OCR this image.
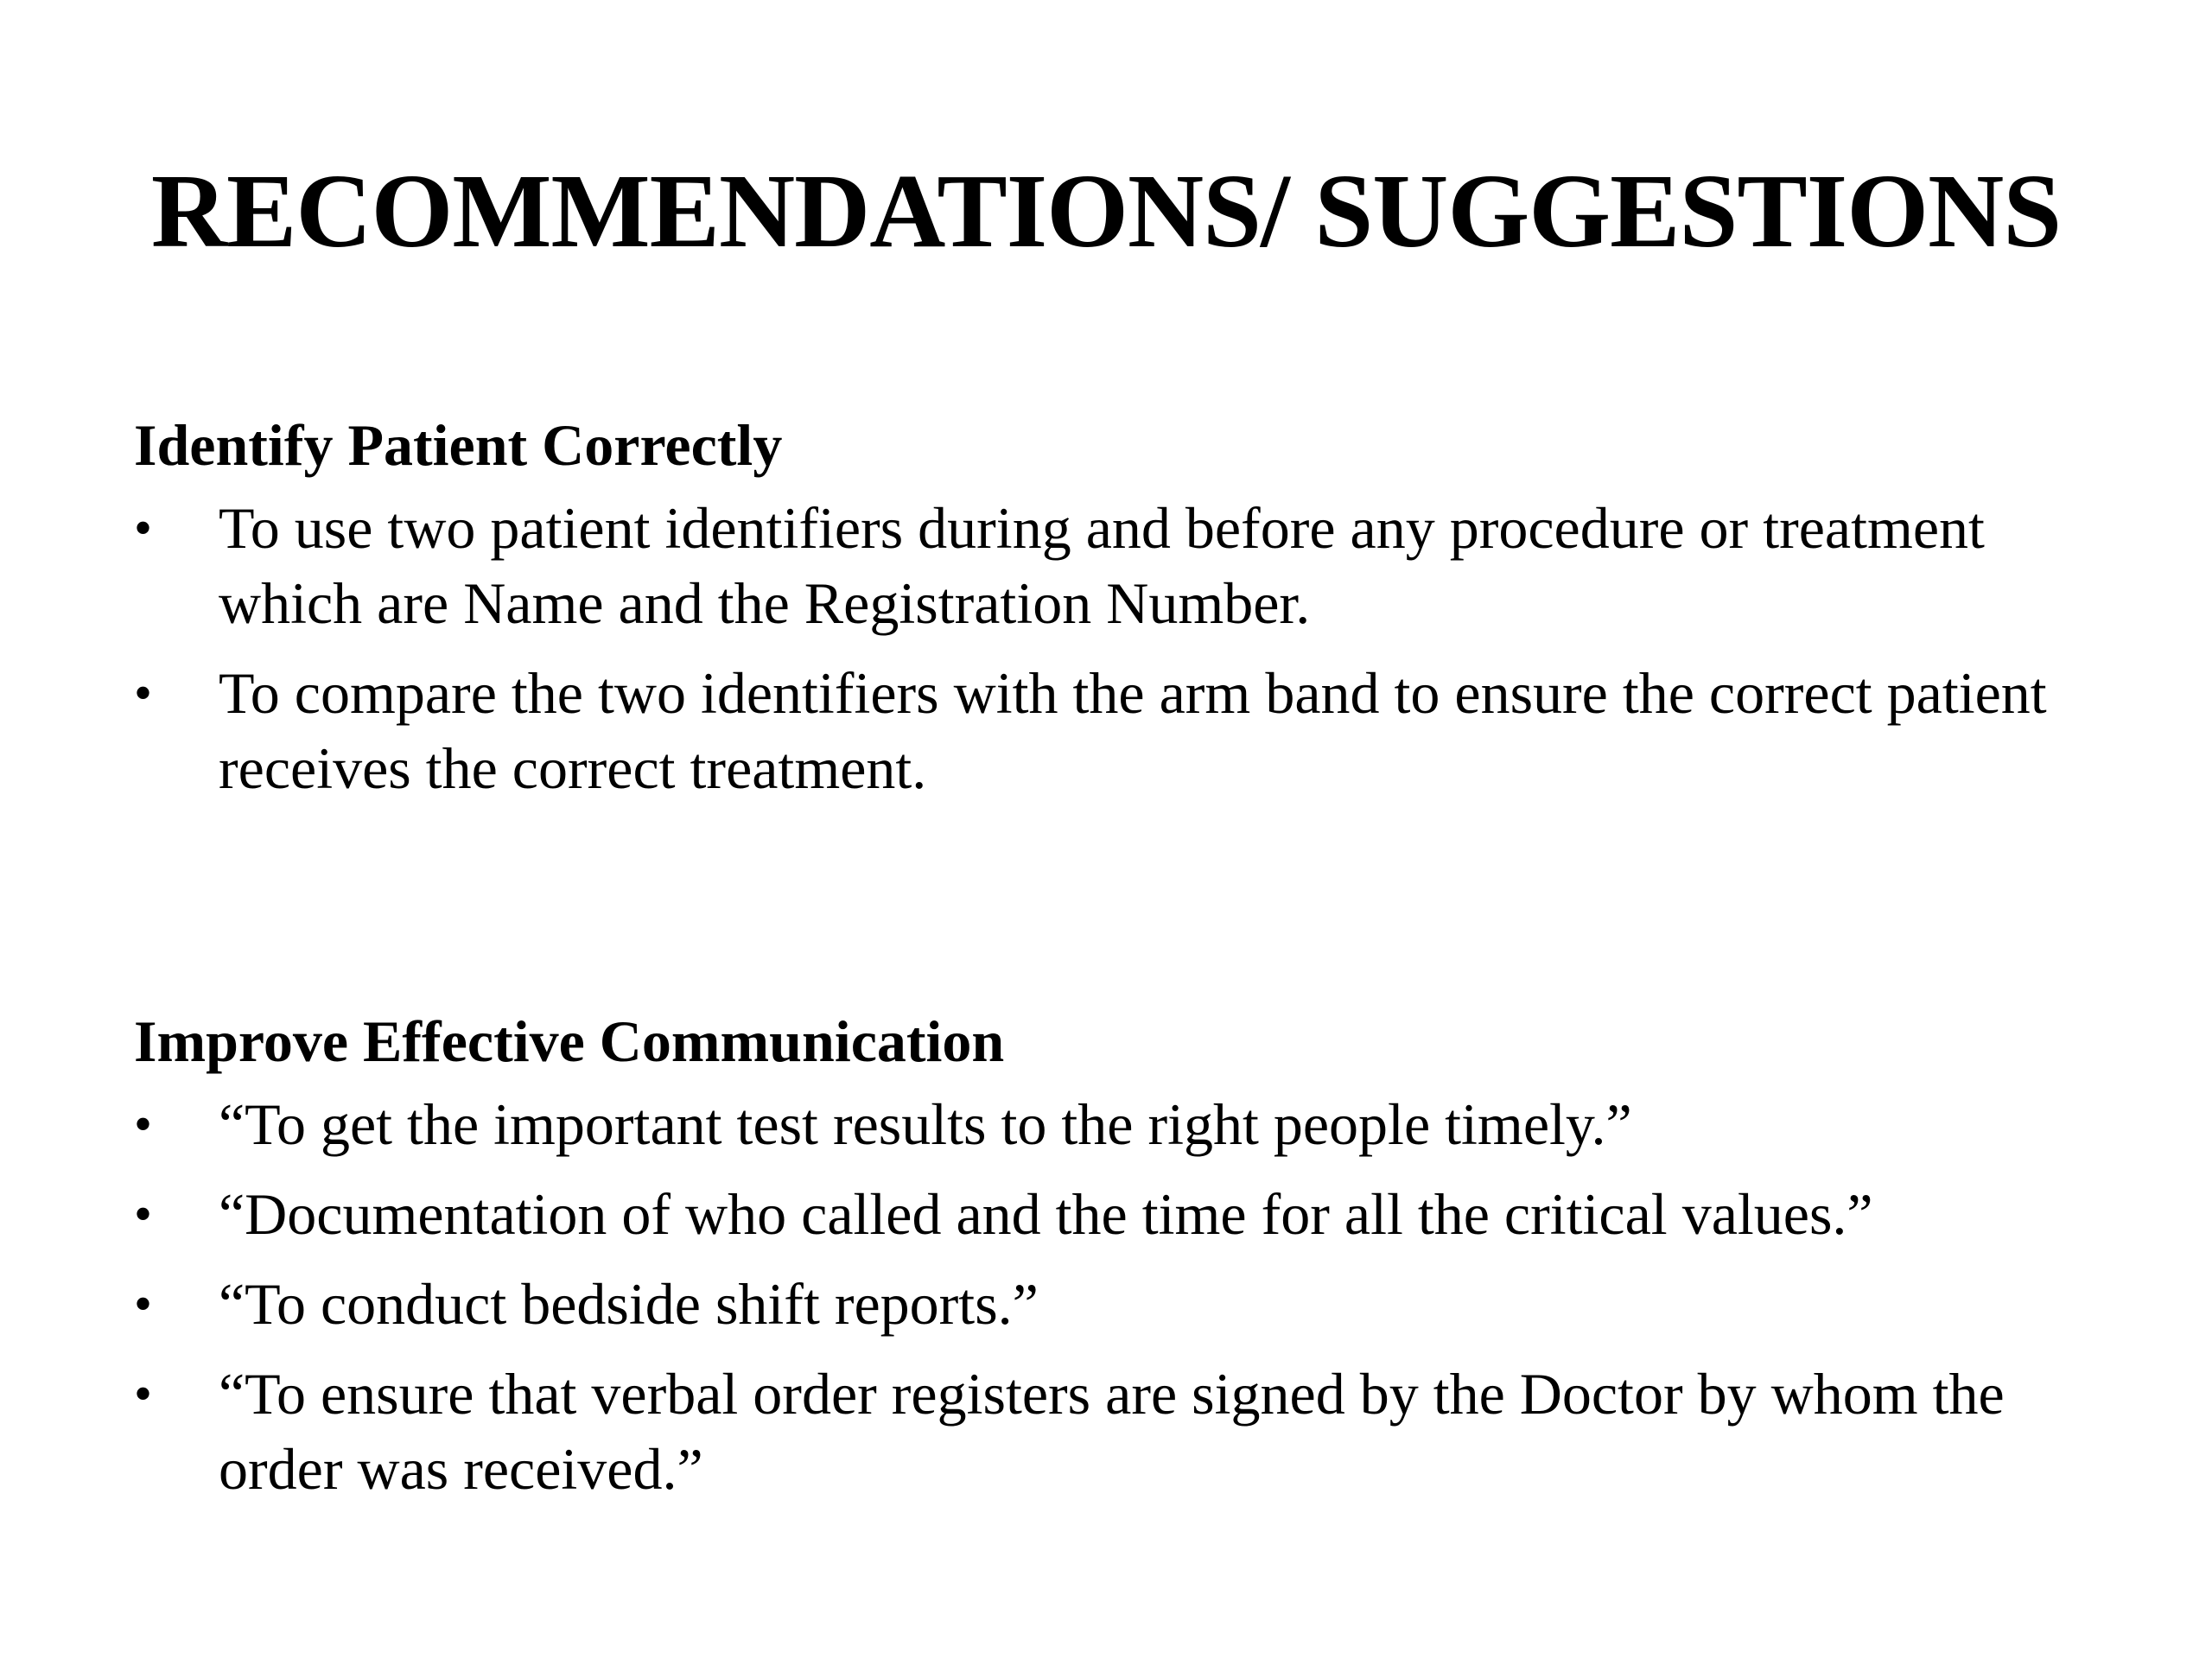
RECOMMENDATIONS/ SUGGESTIONS
Identify Patient Correctly
• To use two patient identifiers during and before any procedure or treatment which are Name and the Registration Number.
• To compare the two identifiers with the arm band to ensure the correct patient receives the correct treatment.
Improve Effective Communication
• “To get the important test results to the right people timely.”
• “Documentation of who called and the time for all the critical values.”
• “To conduct bedside shift reports.”
• “To ensure that verbal order registers are signed by the Doctor by whom the order was received.”
